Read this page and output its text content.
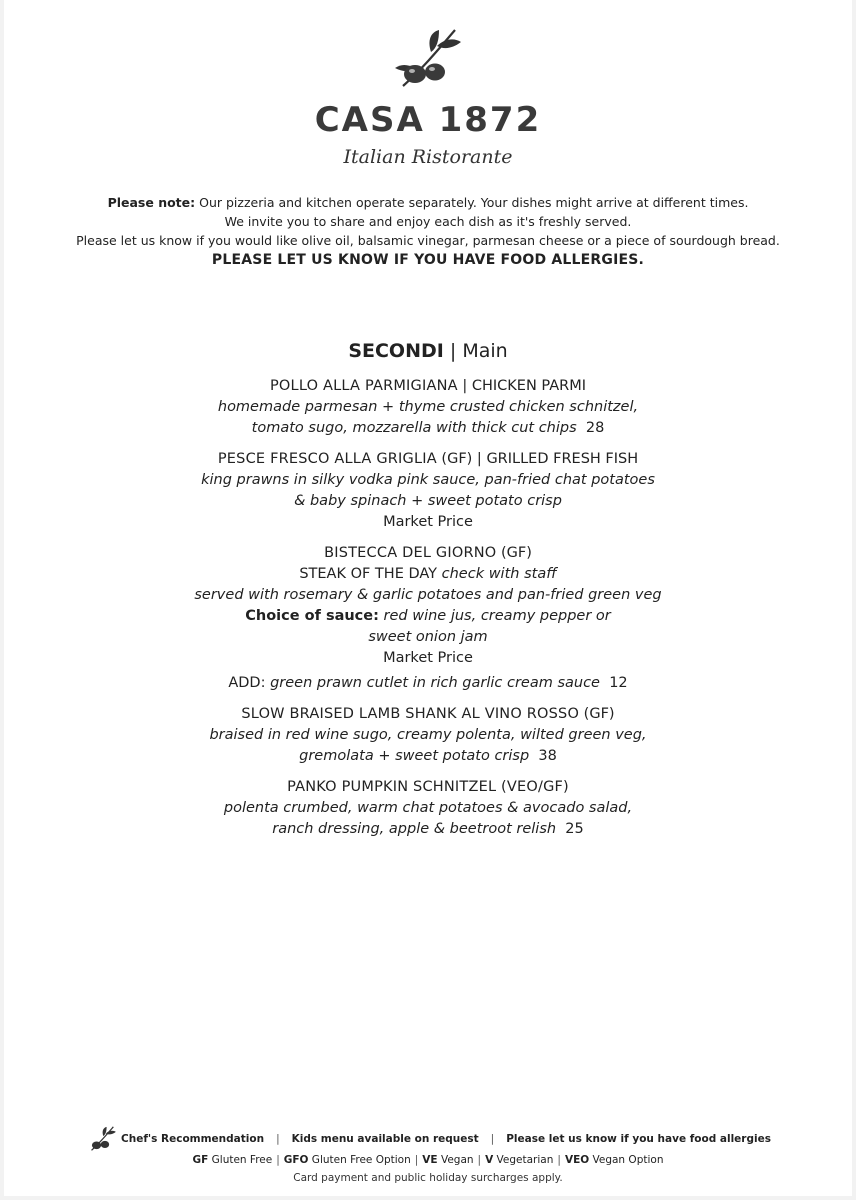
CASA 1872
Italian Ristorante
Please note: Our pizzeria and kitchen operate separately. Your dishes might arrive at different times.
We invite you to share and enjoy each dish as it's freshly served.
Please let us know if you would like olive oil, balsamic vinegar, parmesan cheese or a piece of sourdough bread.
PLEASE LET US KNOW IF YOU HAVE FOOD ALLERGIES.
SECONDI | Main
POLLO ALLA PARMIGIANA | CHICKEN PARMI
homemade parmesan + thyme crusted chicken schnitzel,
tomato sugo, mozzarella with thick cut chips 28
PESCE FRESCO ALLA GRIGLIA (GF) | GRILLED FRESH FISH
king prawns in silky vodka pink sauce, pan-fried chat potatoes
& baby spinach + sweet potato crisp
Market Price
BISTECCA DEL GIORNO (GF)
STEAK OF THE DAY check with staff
served with rosemary & garlic potatoes and pan-fried green veg
Choice of sauce: red wine jus, creamy pepper or
sweet onion jam
Market Price
ADD: green prawn cutlet in rich garlic cream sauce 12
SLOW BRAISED LAMB SHANK AL VINO ROSSO (GF)
braised in red wine sugo, creamy polenta, wilted green veg,
gremolata + sweet potato crisp 38
PANKO PUMPKIN SCHNITZEL (VEO/GF)
polenta crumbed, warm chat potatoes & avocado salad,
ranch dressing, apple & beetroot relish 25
Chef's Recommendation | Kids menu available on request | Please let us know if you have food allergies
GF Gluten Free | GFO Gluten Free Option | VE Vegan | V Vegetarian | VEO Vegan Option
Card payment and public holiday surcharges apply.
